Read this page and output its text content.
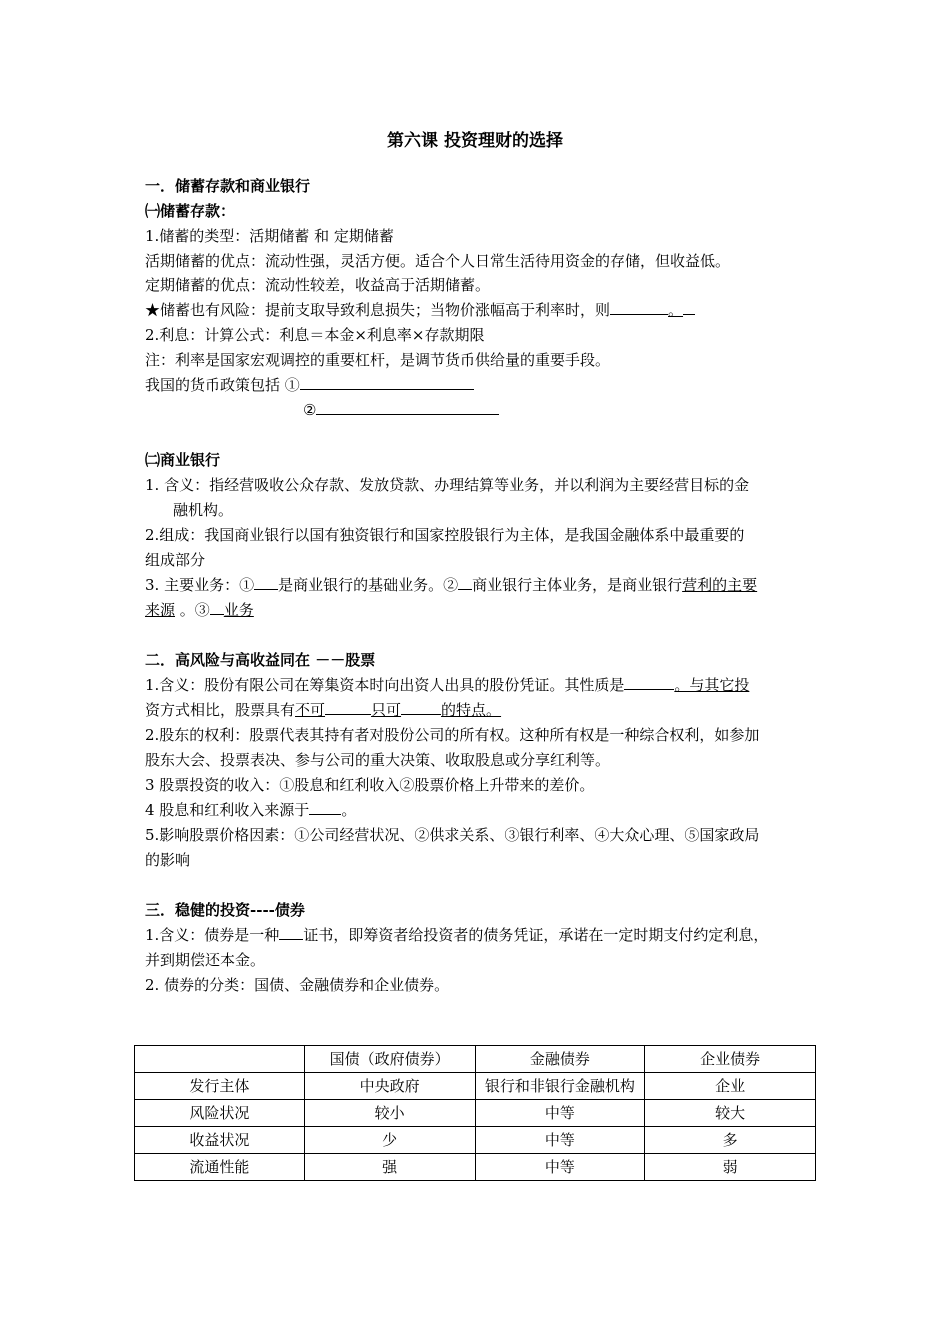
第六课 投资理财的选择
一．储蓄存款和商业银行
㈠储蓄存款：
1.储蓄的类型：活期储蓄 和 定期储蓄
活期储蓄的优点：流动性强，灵活方便。适合个人日常生活待用资金的存储，但收益低。
定期储蓄的优点：流动性较差，收益高于活期储蓄。
★储蓄也有风险：提前支取导致利息损失；当物价涨幅高于利率时，则	。
2.利息：计算公式：利息＝本金×利息率×存款期限
注：利率是国家宏观调控的重要杠杆，是调节货币供给量的重要手段。
我国的货币政策包括 ①
②
㈡商业银行
1. 含义：指经营吸收公众存款、发放贷款、办理结算等业务，并以利润为主要经营目标的金
融机构。
2.组成：我国商业银行以国有独资银行和国家控股银行为主体，是我国金融体系中最重要的
组成部分
3. 主要业务：① 是商业银行的基础业务。② 商业银行主体业务，是商业银行营利的主要
来源 。③ 业务
二．高风险与高收益同在 －－股票
1.含义：股份有限公司在筹集资本时向出资人出具的股份凭证。其性质是	。与其它投
资方式相比，股票具有不可	只可	的特点。
2.股东的权利：股票代表其持有者对股份公司的所有权。这种所有权是一种综合权利，如参加
股东大会、投票表决、参与公司的重大决策、收取股息或分享红利等。
3 股票投资的收入：①股息和红利收入②股票价格上升带来的差价。
4 股息和红利收入来源于 。
5.影响股票价格因素：①公司经营状况、②供求关系、③银行利率、④大众心理、⑤国家政局
的影响
三．稳健的投资----债券
1.含义：债券是一种 证书，即筹资者给投资者的债务凭证，承诺在一定时期支付约定利息，
并到期偿还本金。
2. 债券的分类：国债、金融债券和企业债券。
	国债（政府债券）	金融债券	企业债券
发行主体	中央政府	银行和非银行金融机构	企业
风险状况	较小	中等	较大
收益状况	少	中等	多
流通性能	强	中等	弱
